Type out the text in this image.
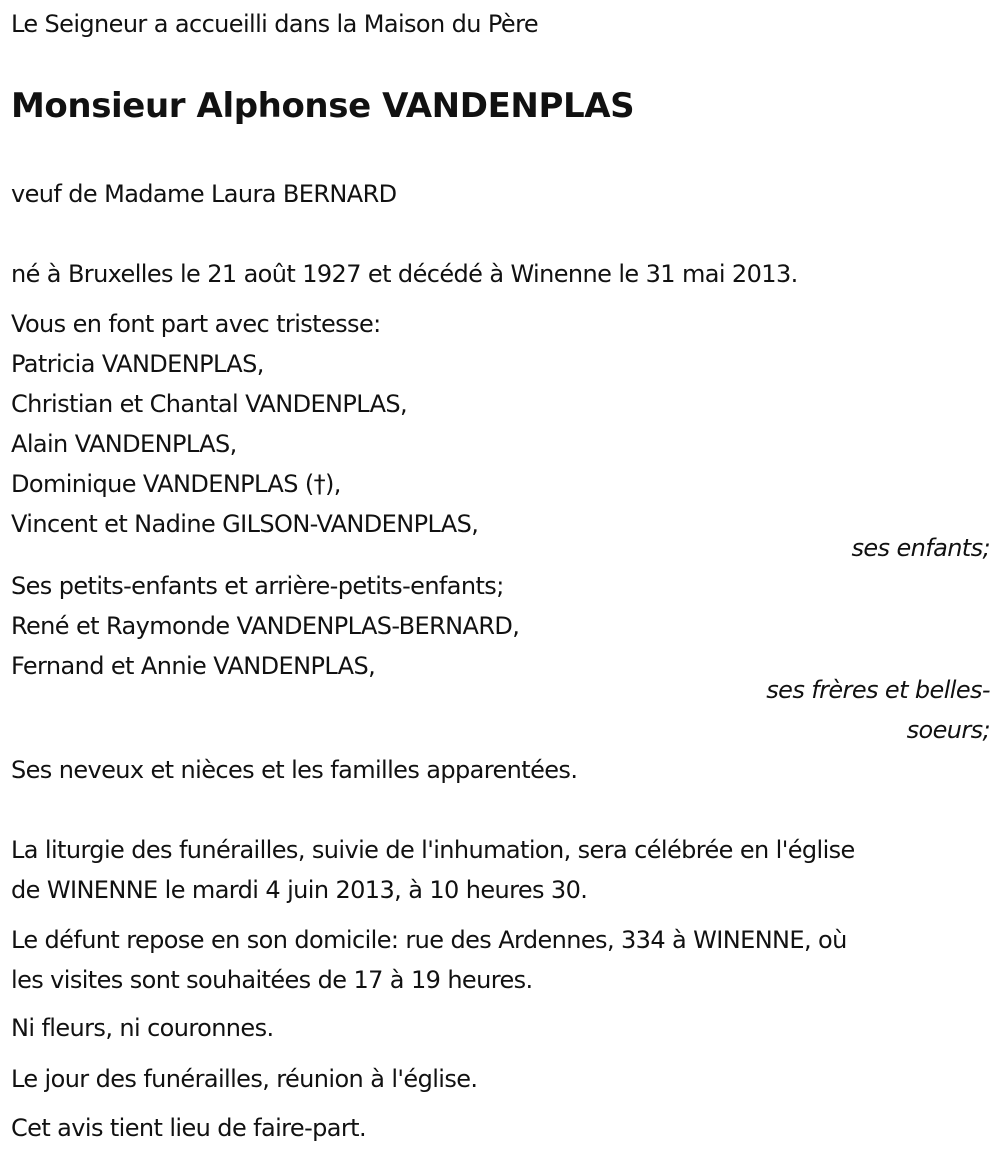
Le Seigneur a accueilli dans la Maison du Père
Monsieur Alphonse VANDENPLAS
veuf de Madame Laura BERNARD
né à Bruxelles le 21 août 1927 et décédé à Winenne le 31 mai 2013.
Vous en font part avec tristesse:
Patricia VANDENPLAS,
Christian et Chantal VANDENPLAS,
Alain VANDENPLAS,
Dominique VANDENPLAS (†),
Vincent et Nadine GILSON-VANDENPLAS,
ses enfants;
Ses petits-enfants et arrière-petits-enfants;
René et Raymonde VANDENPLAS-BERNARD,
Fernand et Annie VANDENPLAS,
ses frères et belles-
soeurs;
Ses neveux et nièces et les familles apparentées.
La liturgie des funérailles, suivie de l'inhumation, sera célébrée en l'église
de WINENNE le mardi 4 juin 2013, à 10 heures 30.
Le défunt repose en son domicile: rue des Ardennes, 334 à WINENNE, où
les visites sont souhaitées de 17 à 19 heures.
Ni fleurs, ni couronnes.
Le jour des funérailles, réunion à l'église.
Cet avis tient lieu de faire-part.
